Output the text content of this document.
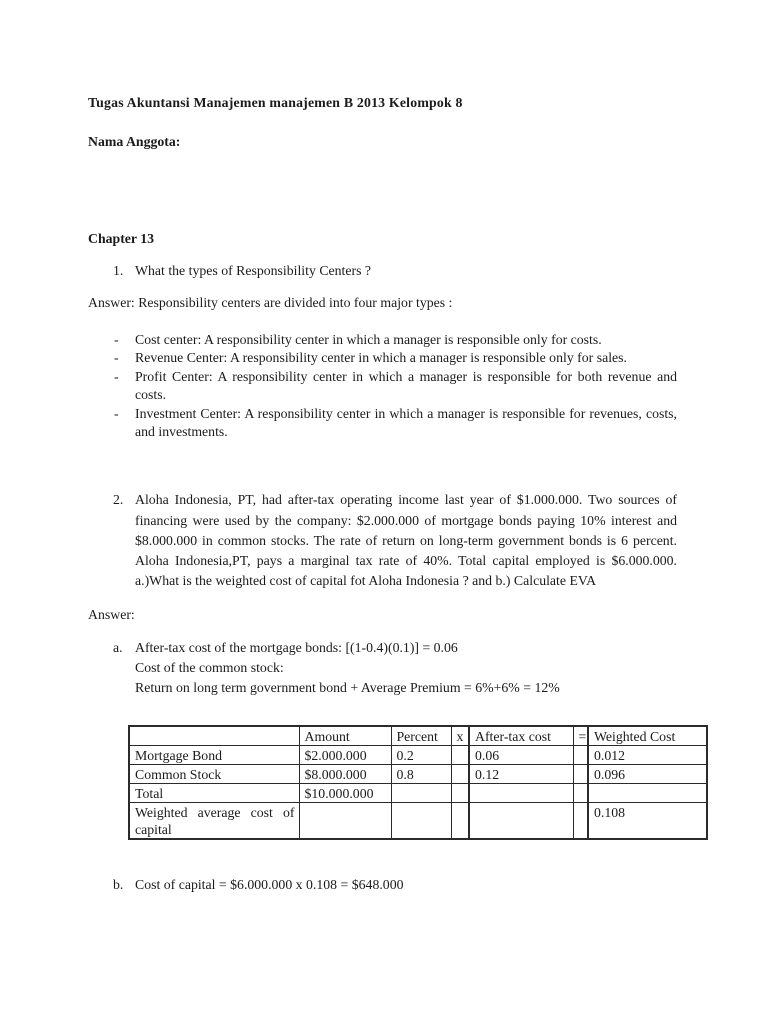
Tugas Akuntansi Manajemen manajemen B 2013 Kelompok 8
Nama Anggota:
Chapter 13
1. What the types of Responsibility Centers ?
Answer: Responsibility centers are divided into four major types :
-	Cost center: A responsibility center in which a manager is responsible only for costs.
-	Revenue Center: A responsibility center in which a manager is responsible only for sales.
-	Profit Center: A responsibility center in which a manager is responsible for both revenue and costs.
-	Investment Center: A responsibility center in which a manager is responsible for revenues, costs, and investments.
2. Aloha Indonesia, PT, had after-tax operating income last year of $1.000.000. Two sources of financing were used by the company: $2.000.000 of mortgage bonds paying 10% interest and $8.000.000 in common stocks. The rate of return on long-term government bonds is 6 percent. Aloha Indonesia,PT, pays a marginal tax rate of 40%. Total capital employed is $6.000.000. a.)What is the weighted cost of capital fot Aloha Indonesia ? and b.) Calculate EVA
Answer:
a. After-tax cost of the mortgage bonds: [(1-0.4)(0.1)] = 0.06
Cost of the common stock:
Return on long term government bond + Average Premium = 6%+6% = 12%
	Amount	Percent	x	After-tax cost	=	Weighted Cost
Mortgage Bond	$2.000.000	0.2		0.06		0.012
Common Stock	$8.000.000	0.8		0.12		0.096
Total	$10.000.000					
Weighted average cost of capital						0.108
b. Cost of capital = $6.000.000 x 0.108 = $648.000
